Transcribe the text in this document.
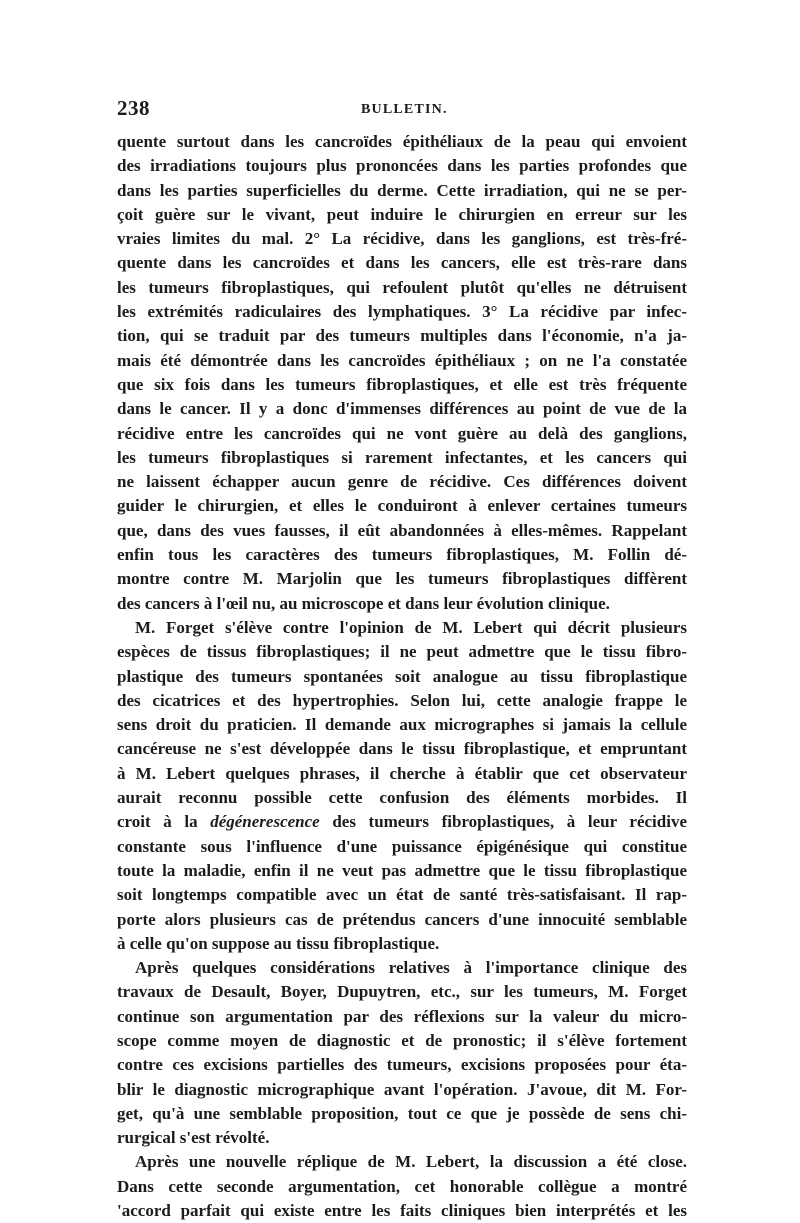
238	BULLETIN.
quente surtout dans les cancroïdes épithéliaux de la peau qui envoient
des irradiations toujours plus prononcées dans les parties profondes que
dans les parties superficielles du derme. Cette irradiation, qui ne se per-
çoit guère sur le vivant, peut induire le chirurgien en erreur sur les
vraies limites du mal. 2° La récidive, dans les ganglions, est très-fré-
quente dans les cancroïdes et dans les cancers, elle est très-rare dans
les tumeurs fibroplastiques, qui refoulent plutôt qu'elles ne détruisent
les extrémités radiculaires des lymphatiques. 3° La récidive par infec-
tion, qui se traduit par des tumeurs multiples dans l'économie, n'a ja-
mais été démontrée dans les cancroïdes épithéliaux ; on ne l'a constatée
que six fois dans les tumeurs fibroplastiques, et elle est très fréquente
dans le cancer. Il y a donc d'immenses différences au point de vue de la
récidive entre les cancroïdes qui ne vont guère au delà des ganglions,
les tumeurs fibroplastiques si rarement infectantes, et les cancers qui
ne laissent échapper aucun genre de récidive. Ces différences doivent
guider le chirurgien, et elles le conduiront à enlever certaines tumeurs
que, dans des vues fausses, il eût abandonnées à elles-mêmes. Rappelant
enfin tous les caractères des tumeurs fibroplastiques, M. Follin dé-
montre contre M. Marjolin que les tumeurs fibroplastiques diffèrent
des cancers à l'œil nu, au microscope et dans leur évolution clinique.
M. Forget s'élève contre l'opinion de M. Lebert qui décrit plusieurs
espèces de tissus fibroplastiques; il ne peut admettre que le tissu fibro-
plastique des tumeurs spontanées soit analogue au tissu fibroplastique
des cicatrices et des hypertrophies. Selon lui, cette analogie frappe le
sens droit du praticien. Il demande aux micrographes si jamais la cellule
cancéreuse ne s'est développée dans le tissu fibroplastique, et empruntant
à M. Lebert quelques phrases, il cherche à établir que cet observateur
aurait reconnu possible cette confusion des éléments morbides. Il
croit à la dégénerescence des tumeurs fibroplastiques, à leur récidive
constante sous l'influence d'une puissance épigénésique qui constitue
toute la maladie, enfin il ne veut pas admettre que le tissu fibroplastique
soit longtemps compatible avec un état de santé très-satisfaisant. Il rap-
porte alors plusieurs cas de prétendus cancers d'une innocuité semblable
à celle qu'on suppose au tissu fibroplastique.
Après quelques considérations relatives à l'importance clinique des
travaux de Desault, Boyer, Dupuytren, etc., sur les tumeurs, M. Forget
continue son argumentation par des réflexions sur la valeur du micro-
scope comme moyen de diagnostic et de pronostic; il s'élève fortement
contre ces excisions partielles des tumeurs, excisions proposées pour éta-
blir le diagnostic micrographique avant l'opération. J'avoue, dit M. For-
get, qu'à une semblable proposition, tout ce que je possède de sens chi-
rurgical s'est révolté.
Après une nouvelle réplique de M. Lebert, la discussion a été close.
Dans cette seconde argumentation, cet honorable collègue a montré
'accord parfait qui existe entre les faits cliniques bien interprétés et les
